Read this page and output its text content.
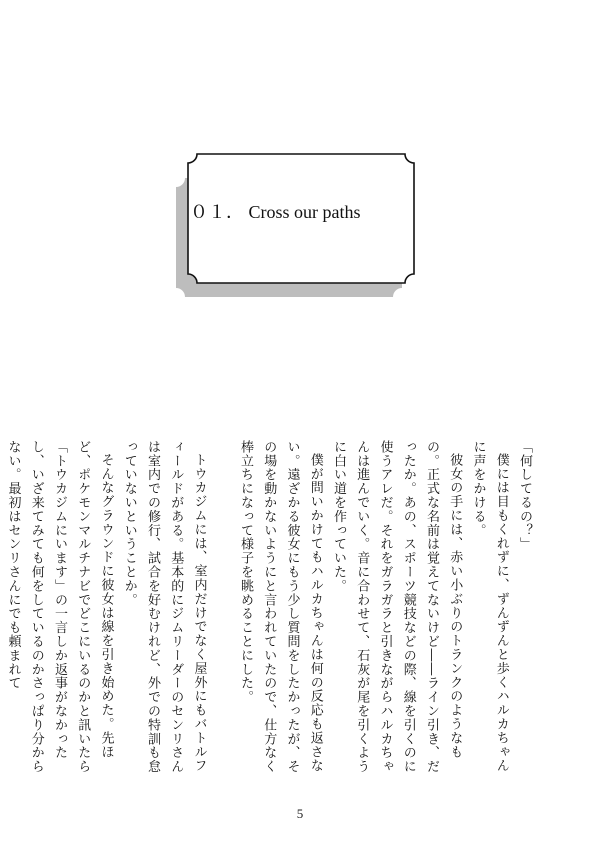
０１． Cross our paths

「何してるの？」

僕には目もくれずに、ずんずんと歩くハルカちゃんに声をかける。

彼女の手には、赤い小ぶりのトランクのようなもの。正式な名前は覚えてないけど――ライン引き、だったか。あの、スポーツ競技などの際、線を引くのに使うアレだ。それをガラガラと引きながらハルカちゃんは進んでいく。音に合わせて、石灰が尾を引くように白い道を作っていた。

僕が問いかけてもハルカちゃんは何の反応も返さない。遠ざかる彼女にもう少し質問をしたかったが、その場を動かないようにと言われていたので、仕方なく棒立ちになって様子を眺めることにした。

トウカジムには、室内だけでなく屋外にもバトルフィールドがある。基本的にジムリーダーのセンリさんは室内での修行、試合を好むけれど、外での特訓も怠っていないということか。

そんなグラウンドに彼女は線を引き始めた。先ほど、ポケモンマルチナビでどこにいるのかと訊いたら「トウカジムにいます」の一言しか返事がなかったし、いざ来てみても何をしているのかさっぱり分からない。最初はセンリさんにでも頼まれて

5
